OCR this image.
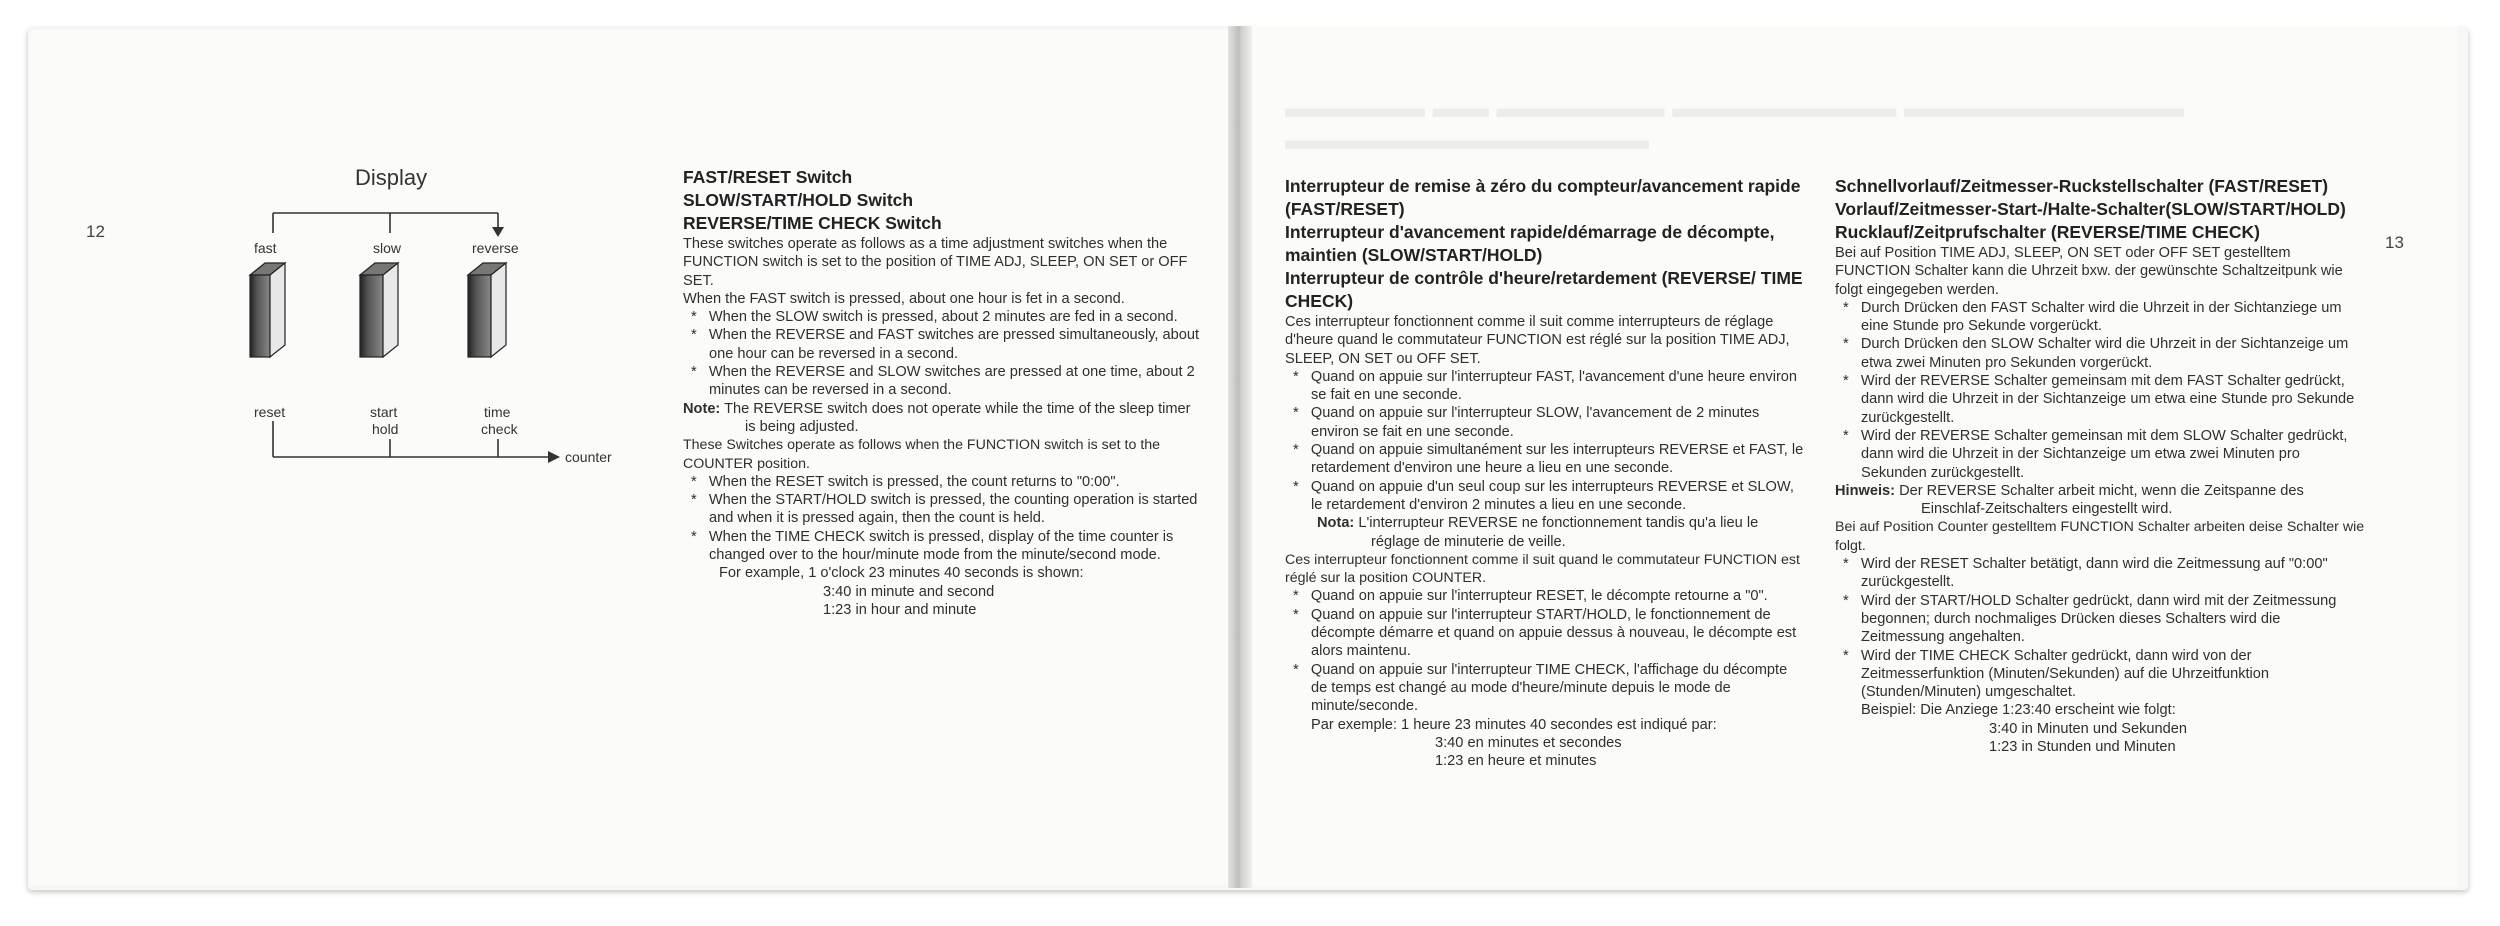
▬▬▬▬▬ ▬▬ ▬▬▬▬▬▬ ▬▬▬▬▬▬▬▬ ▬▬▬▬▬▬▬▬▬▬ ▬▬▬▬▬▬▬▬▬▬▬▬▬
12
13
Display
fast	slow	reverse
reset	start
hold
time
check
counter

FAST/RESET Switch

SLOW/START/HOLD Switch

REVERSE/TIME CHECK Switch

These switches operate as follows as a time adjustment switches when the FUNCTION switch is set to the position of TIME ADJ, SLEEP, ON SET or OFF SET.

When the FAST switch is pressed, about one hour is fet in a second.

*   When the SLOW switch is pressed, about 2 minutes are fed in a second.

*   When the REVERSE and FAST switches are pressed simultaneously, about one hour can be reversed in a second.

*   When the REVERSE and SLOW switches are pressed at one time, about 2 minutes can be reversed in a second.

Note: The REVERSE switch does not operate while the time of the sleep timer is being adjusted.

These Switches operate as follows when the FUNCTION switch is set to the COUNTER position.

*   When the RESET switch is pressed, the count returns to "0:00".

*   When the START/HOLD switch is pressed, the counting operation is started and when it is pressed again, then the count is held.

*   When the TIME CHECK switch is pressed, display of the time counter is changed over to the hour/minute mode from the minute/second mode.

For example, 1 o'clock 23 minutes 40 seconds is shown:

3:40 in minute and second

1:23 in hour and minute

Interrupteur de remise à zéro du compteur/avancement rapide (FAST/RESET)

Interrupteur d'avancement rapide/démarrage de décompte, maintien (SLOW/START/HOLD)

Interrupteur de contrôle d'heure/retardement (REVERSE/ TIME CHECK)

Ces interrupteur fonctionnent comme il suit comme interrupteurs de réglage d'heure quand le commutateur FUNCTION est réglé sur la position TIME ADJ, SLEEP, ON SET ou OFF SET.

*   Quand on appuie sur l'interrupteur FAST, l'avancement d'une heure environ se fait en une seconde.

*   Quand on appuie sur l'interrupteur SLOW, l'avancement de 2 minutes environ se fait en une seconde.

*   Quand on appuie simultanément sur les interrupteurs REVERSE et FAST, le retardement d'environ une heure a lieu en une seconde.

*   Quand on appuie d'un seul coup sur les interrupteurs REVERSE et SLOW, le retardement d'environ 2 minutes a lieu en une seconde.

Nota: L'interrupteur REVERSE ne fonctionnement tandis qu'a lieu le réglage de minuterie de veille.

Ces interrupteur fonctionnent comme il suit quand le commutateur FUNCTION est réglé sur la position COUNTER.

*   Quand on appuie sur l'interrupteur RESET, le décompte retourne a "0".

*   Quand on appuie sur l'interrupteur START/HOLD, le fonctionnement de décompte démarre et quand on appuie dessus à nouveau, le décompte est alors maintenu.

*   Quand on appuie sur l'interrupteur TIME CHECK, l'affichage du décompte de temps est changé au mode d'heure/minute depuis le mode de minute/seconde.

Par exemple: 1 heure 23 minutes 40 secondes est indiqué par:

3:40 en minutes et secondes

1:23 en heure et minutes

Schnellvorlauf/Zeitmesser-Ruckstellschalter (FAST/RESET)

Vorlauf/Zeitmesser-Start-/Halte-Schalter(SLOW/START/HOLD)

Rucklauf/Zeitprufschalter (REVERSE/TIME CHECK)

Bei auf Position TIME ADJ, SLEEP, ON SET oder OFF SET gestelltem FUNCTION Schalter kann die Uhrzeit bxw. der gewünschte Schaltzeitpunk wie folgt eingegeben werden.

*   Durch Drücken den FAST Schalter wird die Uhrzeit in der Sichtanziege um eine Stunde pro Sekunde vorgerückt.

*   Durch Drücken den SLOW Schalter wird die Uhrzeit in der Sichtanzeige um etwa zwei Minuten pro Sekunden vorgerückt.

*   Wird der REVERSE Schalter gemeinsam mit dem FAST Schalter gedrückt, dann wird die Uhrzeit in der Sichtanzeige um etwa eine Stunde pro Sekunde zurückgestellt.

*   Wird der REVERSE Schalter gemeinsan mit dem SLOW Schalter gedrückt, dann wird die Uhrzeit in der Sichtanzeige um etwa zwei Minuten pro Sekunden zurückgestellt.

Hinweis: Der REVERSE Schalter arbeit micht, wenn die Zeitspanne des Einschlaf-Zeitschalters eingestellt wird.

Bei auf Position Counter gestelltem FUNCTION Schalter arbeiten deise Schalter wie folgt.

*   Wird der RESET Schalter betätigt, dann wird die Zeitmessung auf "0:00" zurückgestellt.

*   Wird der START/HOLD Schalter gedrückt, dann wird mit der Zeitmessung begonnen; durch nochmaliges Drücken dieses Schalters wird die Zeitmessung angehalten.

*   Wird der TIME CHECK Schalter gedrückt, dann wird von der Zeitmesserfunktion (Minuten/Sekunden) auf die Uhrzeitfunktion (Stunden/Minuten) umgeschaltet.

Beispiel: Die Anziege 1:23:40 erscheint wie folgt:

3:40 in Minuten und Sekunden

1:23 in Stunden und Minuten
